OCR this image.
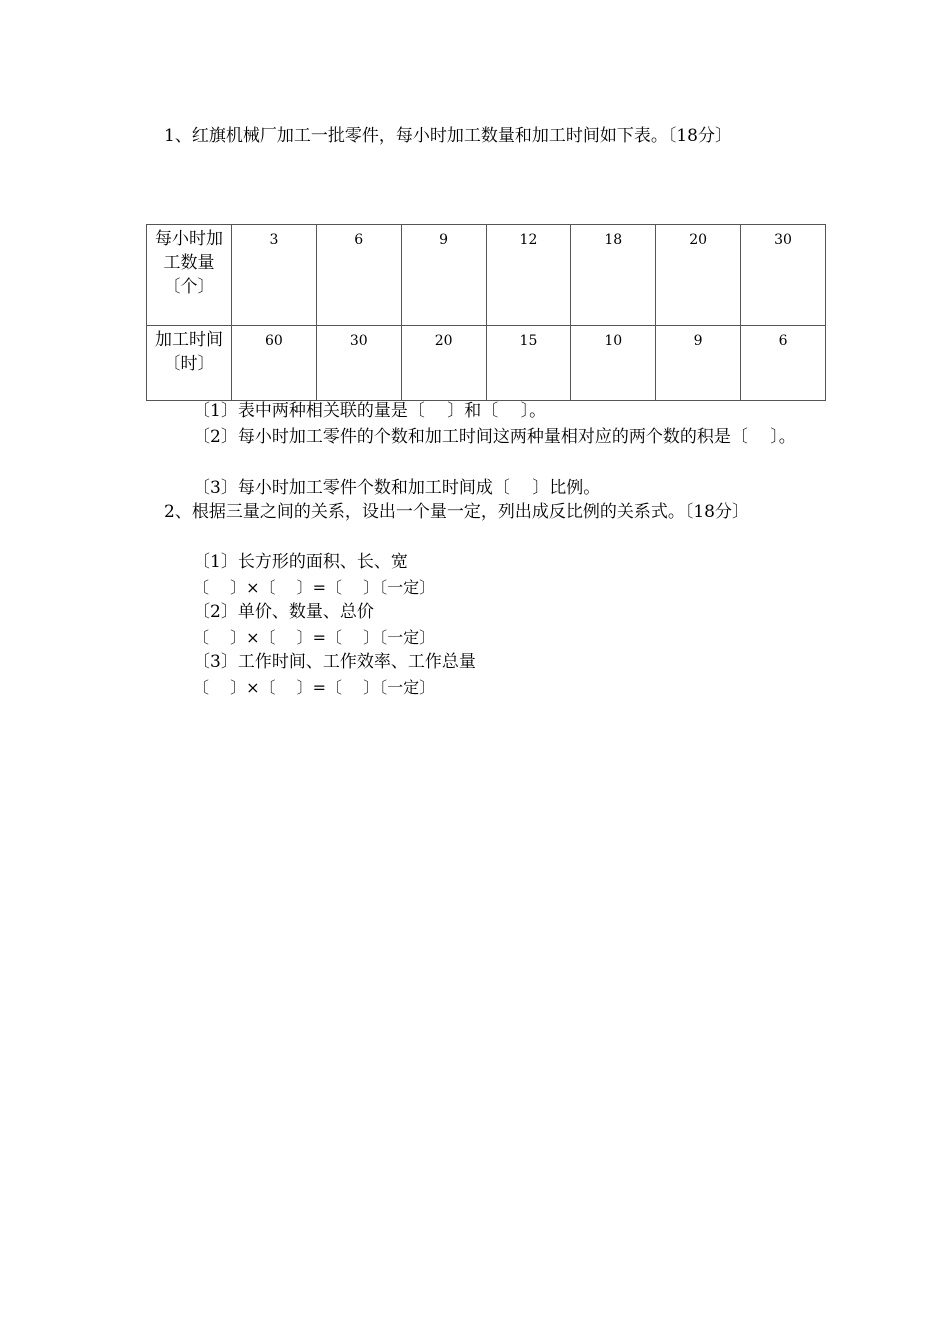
1、红旗机械厂加工一批零件，每小时加工数量和加工时间如下表。〔18分〕
每小时加工数量〔个〕	3	6	9	12	18	20	30
加工时间〔时〕	60	30	20	15	10	9	6
〔1〕表中两种相关联的量是〔　 〕和〔　 〕。
〔2〕每小时加工零件的个数和加工时间这两种量相对应的两个数的积是〔　 〕。
〔3〕每小时加工零件个数和加工时间成〔　 〕比例。
2、根据三量之间的关系，设出一个量一定，列出成反比例的关系式。〔18分〕
〔1〕长方形的面积、长、宽
〔　 〕×〔　 〕=〔　 〕〔一定〕
〔2〕单价、数量、总价
〔　 〕×〔　 〕=〔　 〕〔一定〕
〔3〕工作时间、工作效率、工作总量
〔　 〕×〔　 〕=〔　 〕〔一定〕
